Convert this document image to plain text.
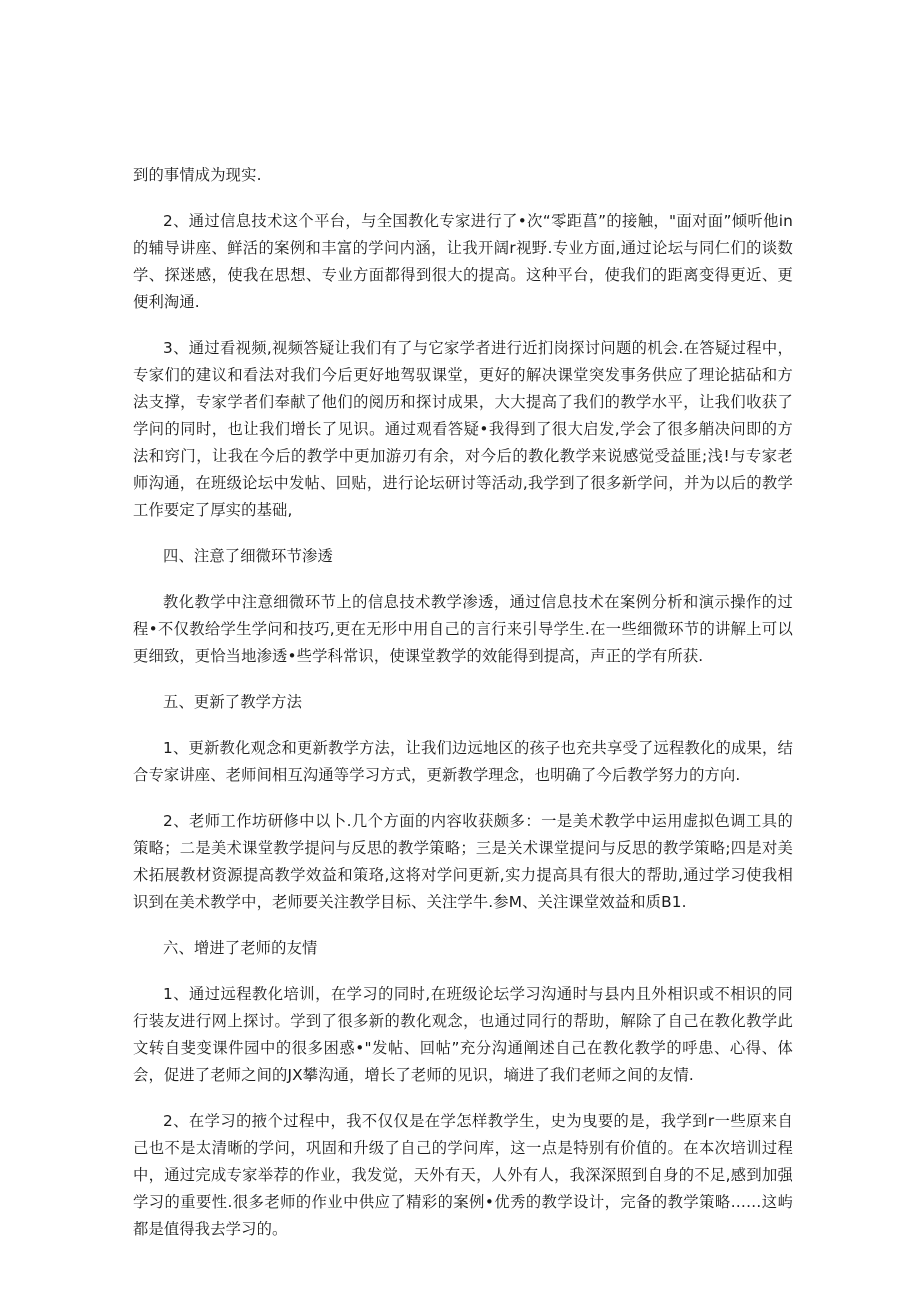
到的事情成为现实.

2、通过信息技术这个平台，与全国教化专家进行了•次“零距菖”的接触，"面对面”倾听他in的辅导讲座、鲜活的案例和丰富的学问内涵，让我开阔r视野.专业方面,通过论坛与同仁们的谈数学、探迷感，使我在思想、专业方面都得到很大的提高。这种平台，使我们的距离变得更近、更便利淘通.

3、通过看视频,视频答疑让我们有了与它家学者进行近扪岗探讨问题的机会.在答疑过程中，专家们的建议和看法对我们今后更好地驾驭课堂，更好的解决课堂突发事务供应了理论掂砧和方法支撑，专家学者们奉献了他们的阅历和探讨成果，大大提高了我们的教学水平，让我们收获了学问的同时，也让我们增长了见识。通过观看答疑•我得到了很大启发,学会了很多艄决问即的方法和窍门，让我在今后的教学中更加游刃有余，对今后的教化教学来说感觉受益匪;浅!与专家老师沟通，在班级论坛中发帖、回贴，进行论坛研讨等活动,我学到了很多新学问，并为以后的教学工作要定了厚实的基础,

四、注意了细微环节渗透

教化教学中注意细微环节上的信息技术教学渗透，通过信息技术在案例分析和演示操作的过程•不仅教给学生学问和技巧,更在无形中用自己的言行来引导学生.在一些细微环节的讲解上可以更细致，更恰当地渗透•些学科常识，使课堂教学的效能得到提高，声正的学有所获.

五、更新了教学方法

1、更新教化观念和更新教学方法，让我们边远地区的孩子也充共享受了远程教化的成果，结合专家讲座、老师间相互沟通等学习方式，更新教学理念，也明确了今后教学努力的方向.

2、老师工作坊研修中以卜.几个方面的内容收获颇多：一是美术教学中运用虚拟色调工具的策略；二是美术课堂教学提问与反思的教学策略；三是关术课堂提问与反思的教学策略;四是对美术拓展教材资源提高教学效益和策珞,这将对学问更新,实力提高具有很大的帮助,通过学习使我相识到在美术教学中，老师要关注教学目标、关注学牛.参M、关注课堂效益和质B1.

六、增进了老师的友情

1、通过远程教化培训，在学习的同时,在班级论坛学习沟通时与县内且外相识或不相识的同行装友进行网上探讨。学到了很多新的教化观念，也通过同行的帮助，解除了自己在教化教学此文转自斐变课件园中的很多困惑•"发帖、回帖”充分沟通阐述自己在教化教学的呼患、心得、体会，促进了老师之间的JX攀沟通，增长了老师的见识，墒进了我们老师之间的友情.

2、在学习的掖个过程中，我不仅仅是在学怎样教学生，史为曳要的是，我学到r一些原来自己也不是太清晰的学问，巩固和升级了自己的学问库，这一点是特别有价值的。在本次培训过程中，通过完成专家举荐的作业，我发觉，天外有天，人外有人，我深深照到自身的不足,感到加强学习的重要性.很多老师的作业中供应了精彩的案例•优秀的教学设计，完备的教学策略……这屿都是值得我去学习的。
